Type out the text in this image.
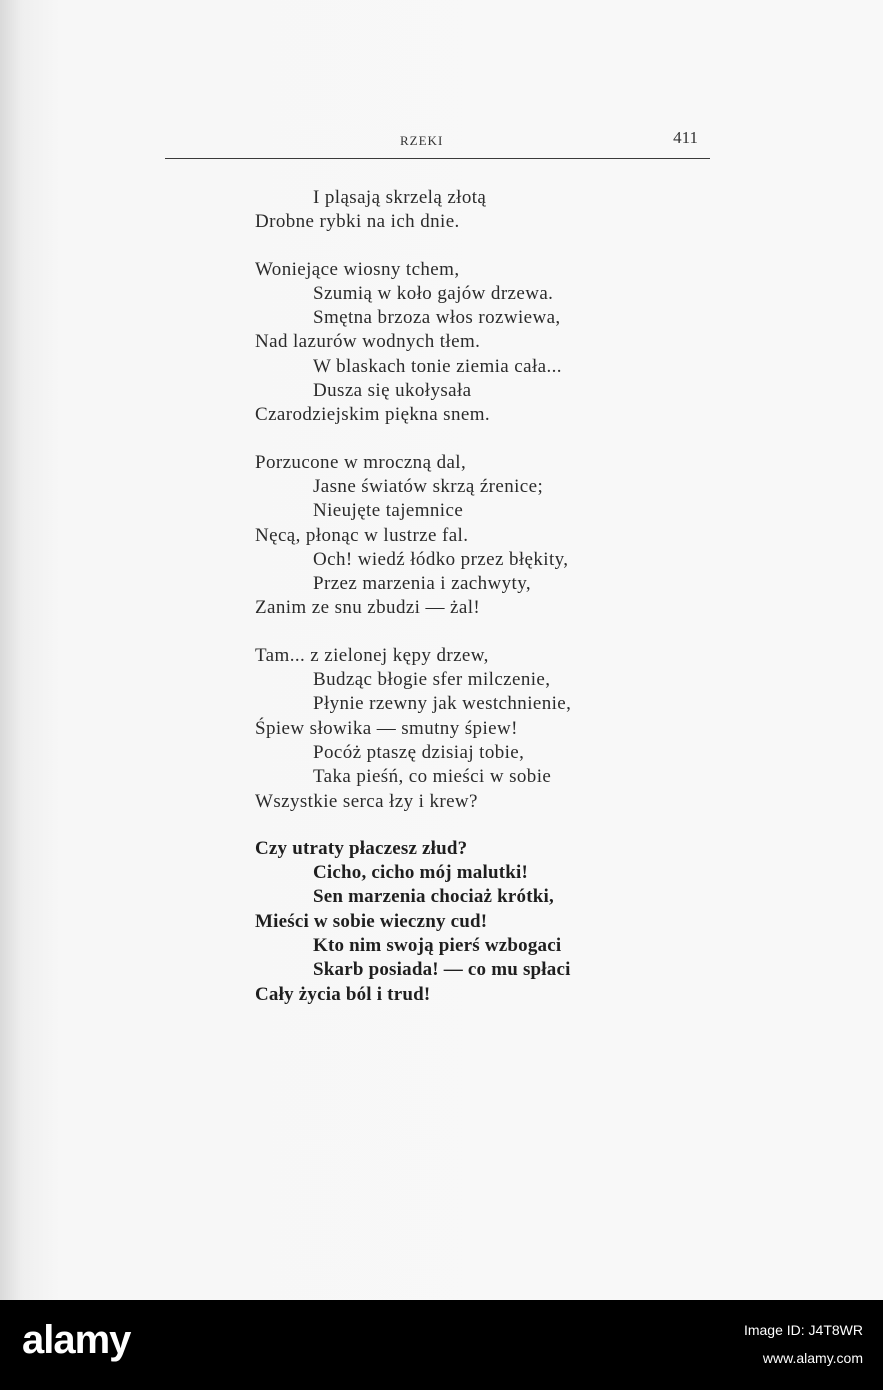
RZEKI	411
I pląsają skrzelą złotą
Drobne rybki na ich dnie.
Woniejące wiosny tchem,
Szumią w koło gajów drzewa.
Smętna brzoza włos rozwiewa,
Nad lazurów wodnych tłem.
W blaskach tonie ziemia cała...
Dusza się ukołysała
Czarodziejskim piękna snem.
Porzucone w mroczną dal,
Jasne światów skrzą źrenice;
Nieujęte tajemnice
Nęcą, płonąc w lustrze fal.
Och! wiedź łódko przez błękity,
Przez marzenia i zachwyty,
Zanim ze snu zbudzi — żal!
Tam... z zielonej kępy drzew,
Budząc błogie sfer milczenie,
Płynie rzewny jak westchnienie,
Śpiew słowika — smutny śpiew!
Pocóż ptaszę dzisiaj tobie,
Taka pieśń, co mieści w sobie
Wszystkie serca łzy i krew?
Czy utraty płaczesz złud?
Cicho, cicho mój malutki!
Sen marzenia chociaż krótki,
Mieści w sobie wieczny cud!
Kto nim swoją pierś wzbogaci
Skarb posiada! — co mu spłaci
Cały życia ból i trud!
alamy	Image ID: J4T8WR
www.alamy.com
